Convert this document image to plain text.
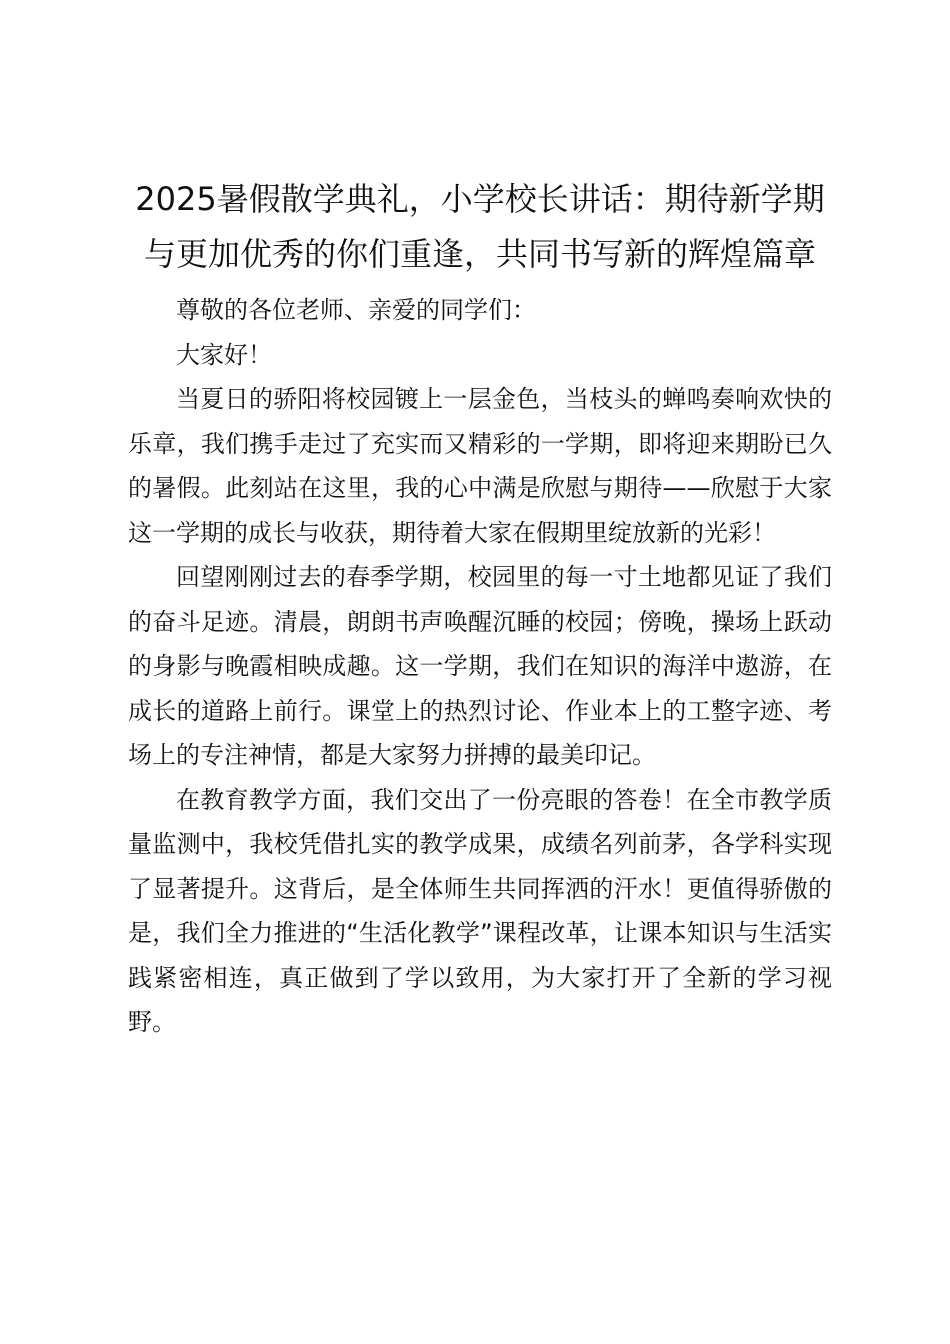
2025暑假散学典礼，小学校长讲话：期待新学期与更加优秀的你们重逢，共同书写新的辉煌篇章

尊敬的各位老师、亲爱的同学们：

大家好！

当夏日的骄阳将校园镀上一层金色，当枝头的蝉鸣奏响欢快的乐章，我们携手走过了充实而又精彩的一学期，即将迎来期盼已久的暑假。此刻站在这里，我的心中满是欣慰与期待——欣慰于大家这一学期的成长与收获，期待着大家在假期里绽放新的光彩！

回望刚刚过去的春季学期，校园里的每一寸土地都见证了我们的奋斗足迹。清晨，朗朗书声唤醒沉睡的校园；傍晚，操场上跃动的身影与晚霞相映成趣。这一学期，我们在知识的海洋中遨游，在成长的道路上前行。课堂上的热烈讨论、作业本上的工整字迹、考场上的专注神情，都是大家努力拼搏的最美印记。

在教育教学方面，我们交出了一份亮眼的答卷！在全市教学质量监测中，我校凭借扎实的教学成果，成绩名列前茅，各学科实现了显著提升。这背后，是全体师生共同挥洒的汗水！更值得骄傲的是，我们全力推进的“生活化教学”课程改革，让课本知识与生活实践紧密相连，真正做到了学以致用，为大家打开了全新的学习视野。
